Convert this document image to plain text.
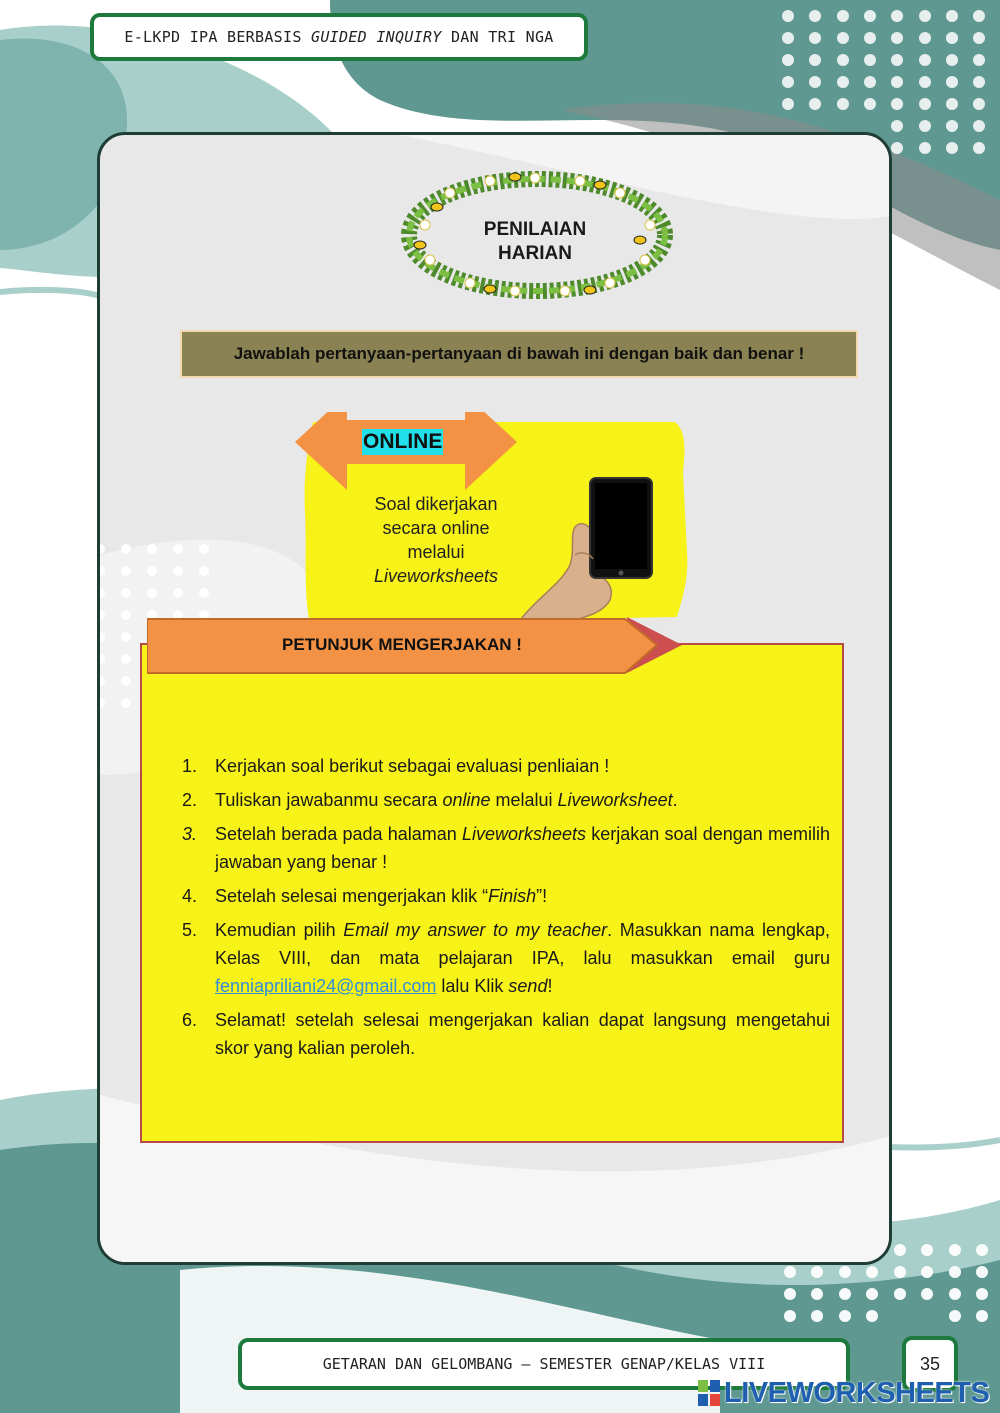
E-LKPD IPA BERBASIS GUIDED INQUIRY DAN TRI NGA
PENILAIAN
HARIAN
Jawablah pertanyaan-pertanyaan di bawah ini dengan baik dan benar !
ONLINE
Soal dikerjakan
secara online
melalui
Liveworksheets
PETUNJUK MENGERJAKAN !
1. Kerjakan soal berikut sebagai evaluasi penliaian !
2. Tuliskan jawabanmu secara online melalui Liveworksheet.
3. Setelah berada pada halaman Liveworksheets kerjakan soal dengan memilih jawaban yang benar !
4. Setelah selesai mengerjakan klik “Finish”!
5. Kemudian pilih Email my answer to my teacher. Masukkan nama lengkap, Kelas VIII, dan mata pelajaran IPA, lalu masukkan email guru fenniapriliani24@gmail.com lalu Klik send!
6. Selamat! setelah selesai mengerjakan kalian dapat langsung mengetahui skor yang kalian peroleh.
GETARAN DAN GELOMBANG – SEMESTER GENAP/KELAS VIII	35
LIVEWORKSHEETS
